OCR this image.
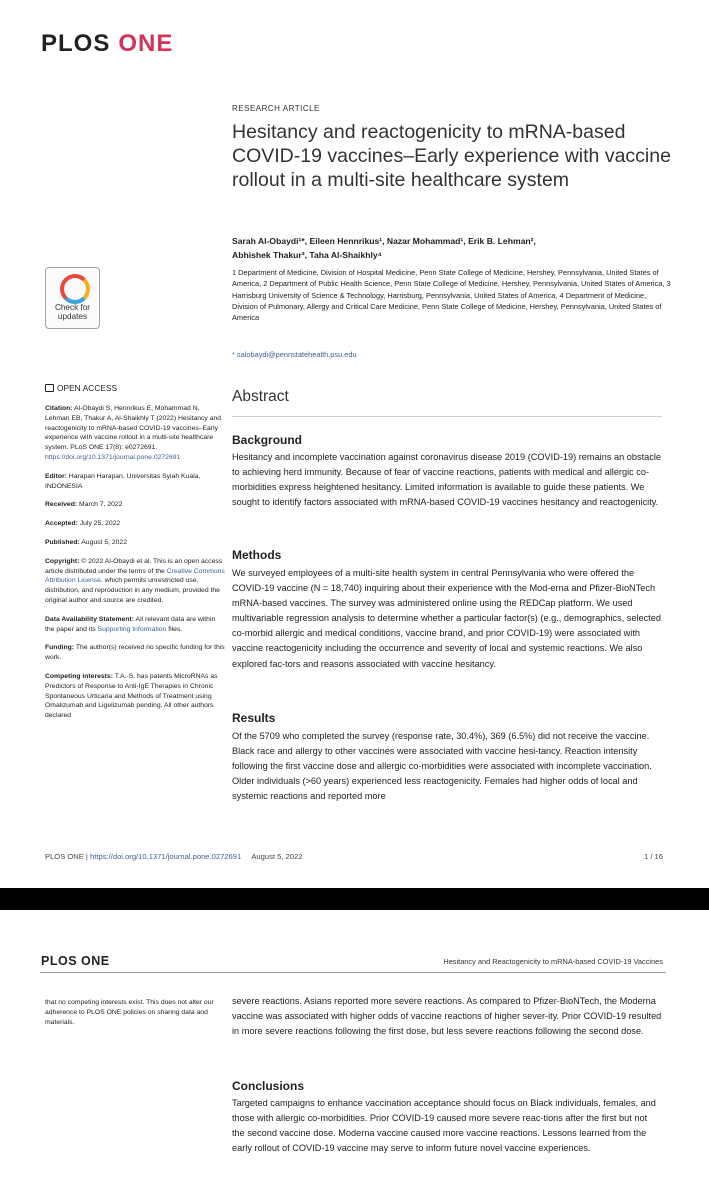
PLOS ONE
Check for
updates
RESEARCH ARTICLE
Hesitancy and reactogenicity to mRNA-based COVID-19 vaccines–Early experience with vaccine rollout in a multi-site healthcare system
Sarah Al-Obaydi¹*, Eileen Hennrikus¹, Nazar Mohammad¹, Erik B. Lehman²,
Abhishek Thakur³, Taha Al-Shaikhly⁴
1 Department of Medicine, Division of Hospital Medicine, Penn State College of Medicine, Hershey, Pennsylvania, United States of America, 2 Department of Public Health Science, Penn State College of Medicine, Hershey, Pennsylvania, United States of America, 3 Harrisburg University of Science & Technology, Harrisburg, Pennsylvania, United States of America, 4 Department of Medicine, Division of Pulmonary, Allergy and Critical Care Medicine, Penn State College of Medicine, Hershey, Pennsylvania, United States of America
* salobaydi@pennstatehealth.psu.edu
OPEN ACCESS

Citation: Al-Obaydi S, Hennrikus E, Mohammad N, Lehman EB, Thakur A, Al-Shaikhly T (2022) Hesitancy and reactogenicity to mRNA-based COVID-19 vaccines–Early experience with vaccine rollout in a multi-site healthcare system. PLoS ONE 17(8): e0272691. https://doi.org/10.1371/journal.pone.0272691

Editor: Harapan Harapan, Universitas Syiah Kuala, INDONESIA

Received: March 7, 2022

Accepted: July 25, 2022

Published: August 5, 2022

Copyright: © 2022 Al-Obaydi et al. This is an open access article distributed under the terms of the Creative Commons Attribution License, which permits unrestricted use, distribution, and reproduction in any medium, provided the original author and source are credited.

Data Availability Statement: All relevant data are within the paper and its Supporting Information files.

Funding: The author(s) received no specific funding for this work.

Competing interests: T.A.-S. has patents MicroRNAs as Predictors of Response to Anti-IgE Therapies in Chronic Spontaneous Urticaria and Methods of Treatment using Omalizumab and Ligelizumab pending. All other authors declared

Abstract
Background

Hesitancy and incomplete vaccination against coronavirus disease 2019 (COVID-19) remains an obstacle to achieving herd immunity. Because of fear of vaccine reactions, patients with medical and allergic co-morbidities express heightened hesitancy. Limited information is available to guide these patients. We sought to identify factors associated with mRNA-based COVID-19 vaccines hesitancy and reactogenicity.

Methods

We surveyed employees of a multi-site health system in central Pennsylvania who were offered the COVID-19 vaccine (N = 18,740) inquiring about their experience with the Mod-erna and Pfizer-BioNTech mRNA-based vaccines. The survey was administered online using the REDCap platform. We used multivariable regression analysis to determine whether a particular factor(s) (e.g., demographics, selected co-morbid allergic and medical conditions, vaccine brand, and prior COVID-19) were associated with vaccine reactogenicity including the occurrence and severity of local and systemic reactions. We also explored fac-tors and reasons associated with vaccine hesitancy.

Results

Of the 5709 who completed the survey (response rate, 30.4%), 369 (6.5%) did not receive the vaccine. Black race and allergy to other vaccines were associated with vaccine hesi-tancy. Reaction intensity following the first vaccine dose and allergic co-morbidities were associated with incomplete vaccination. Older individuals (>60 years) experienced less reactogenicity. Females had higher odds of local and systemic reactions and reported more

PLOS ONE | https://doi.org/10.1371/journal.pone.0272691 August 5, 2022	1 / 16
PLOS ONE	Hesitancy and Reactogenicity to mRNA-based COVID-19 Vaccines
that no competing interests exist. This does not alter our adherence to PLOS ONE policies on sharing data and materials.

severe reactions. Asians reported more severe reactions. As compared to Pfizer-BioNTech, the Moderna vaccine was associated with higher odds of vaccine reactions of higher sever-ity. Prior COVID-19 resulted in more severe reactions following the first dose, but less severe reactions following the second dose.

Conclusions

Targeted campaigns to enhance vaccination acceptance should focus on Black individuals, females, and those with allergic co-morbidities. Prior COVID-19 caused more severe reac-tions after the first but not the second vaccine dose. Moderna vaccine caused more vaccine reactions. Lessons learned from the early rollout of COVID-19 vaccine may serve to inform future novel vaccine experiences.
